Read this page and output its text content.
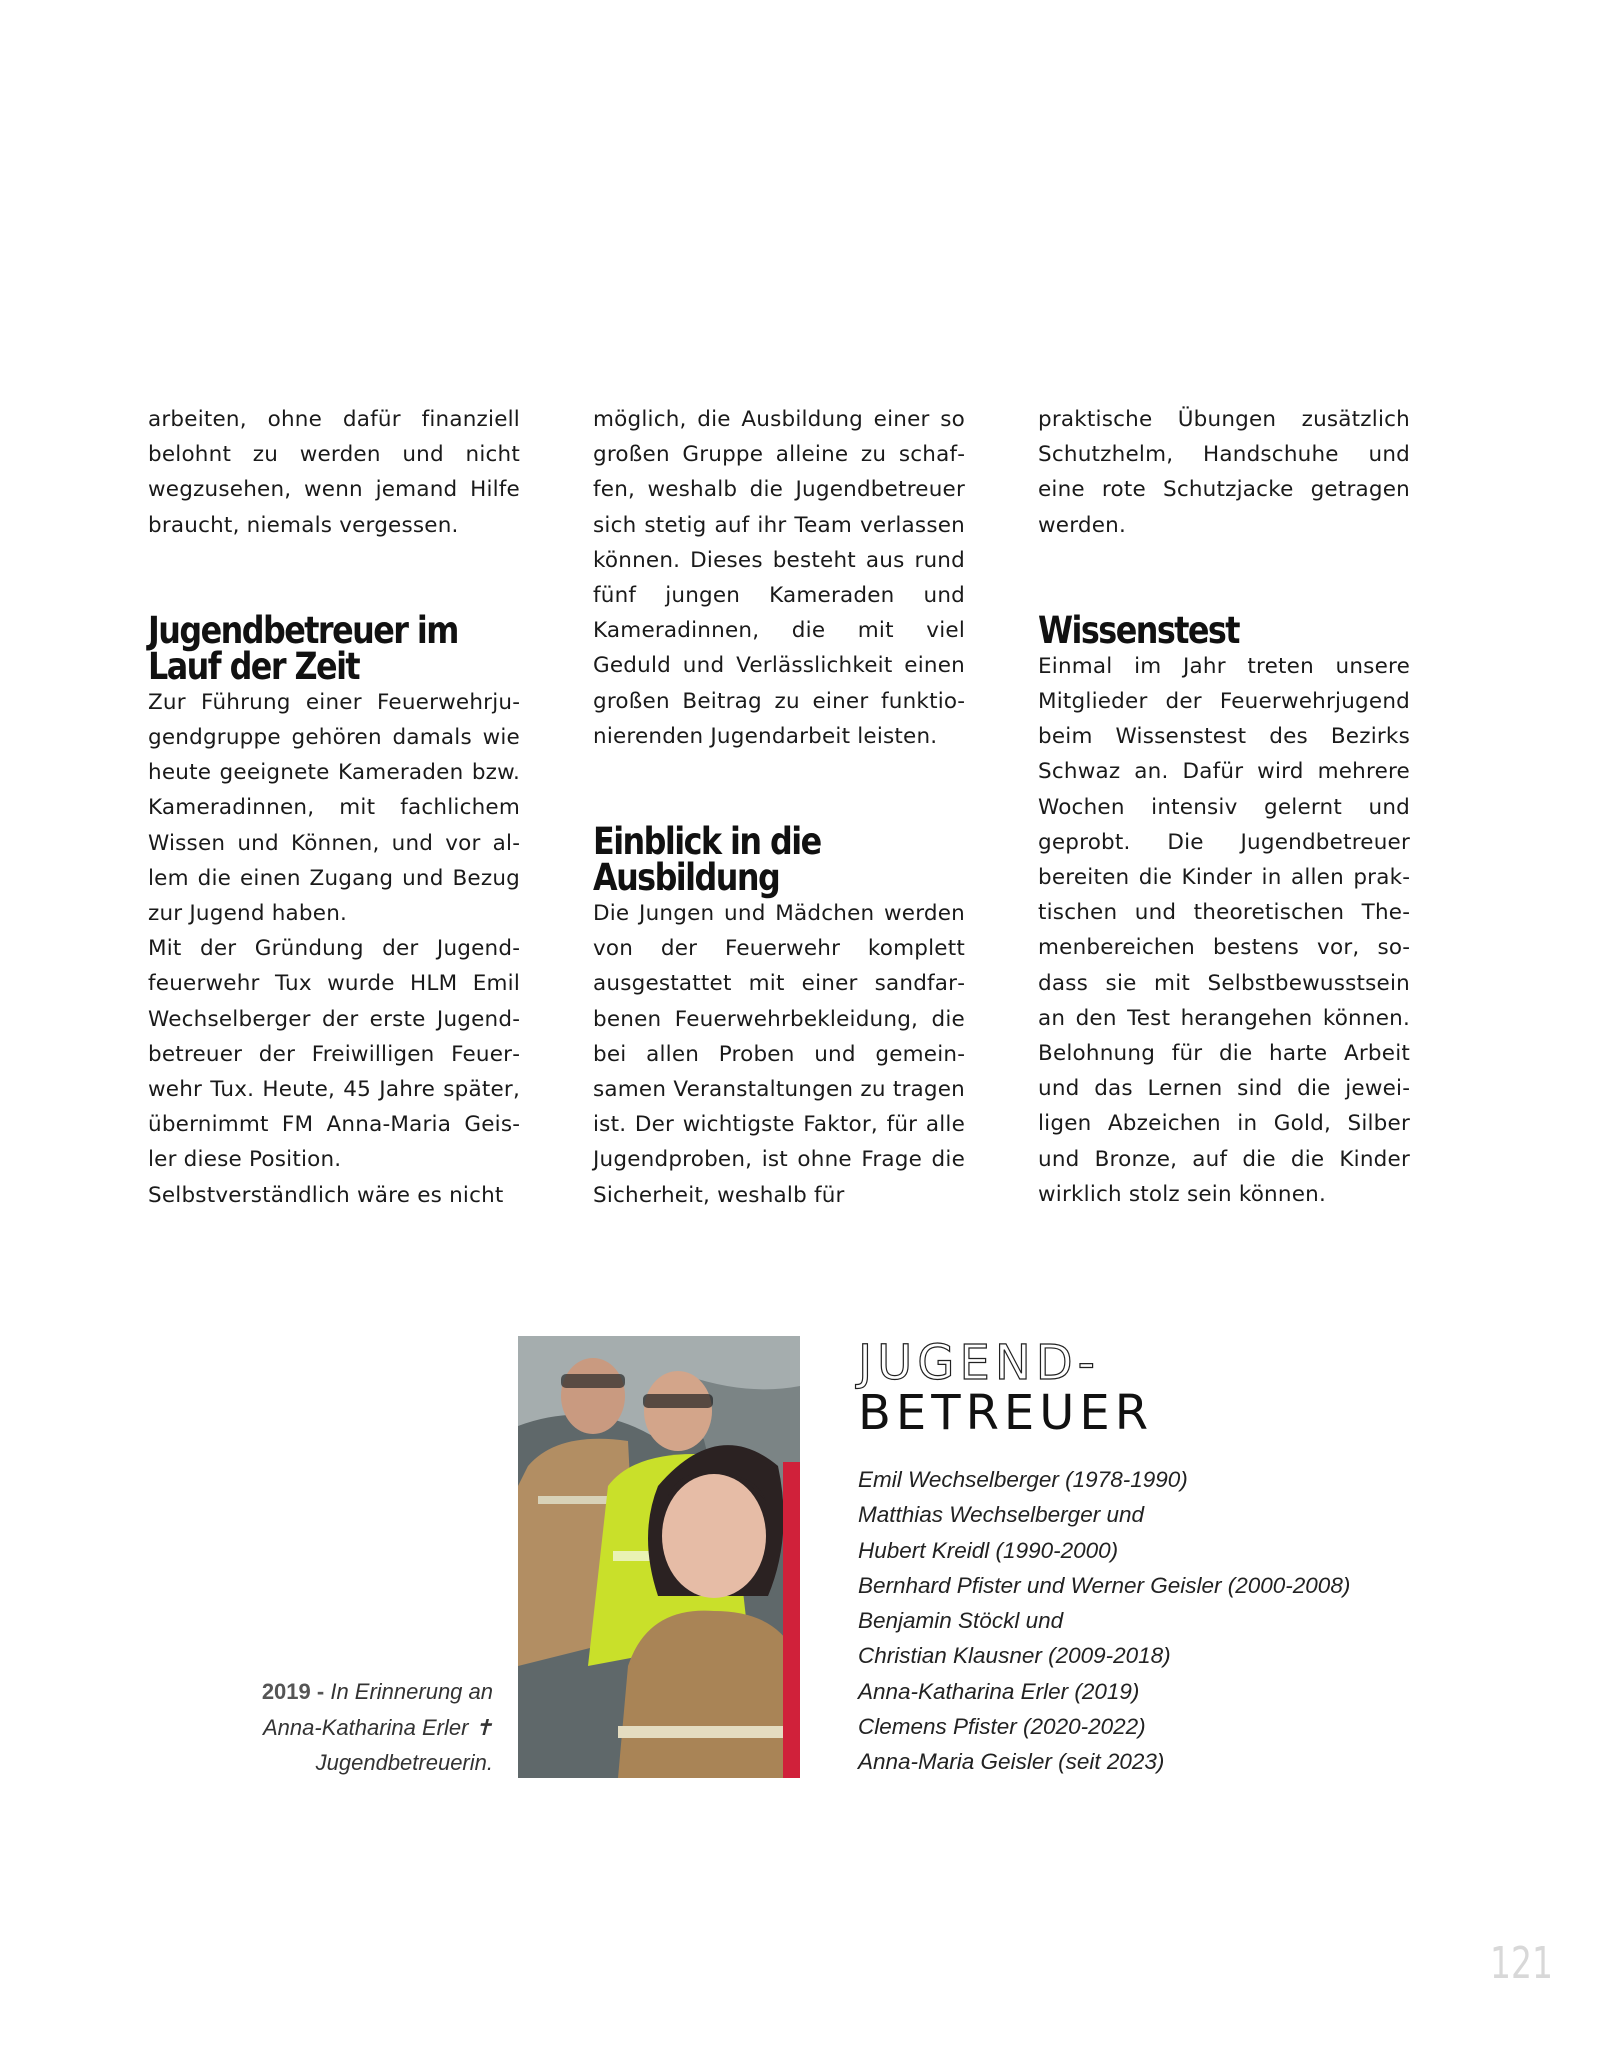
arbeiten, ohne dafür finanziell belohnt zu werden und nicht wegzusehen, wenn jemand Hilfe braucht, niemals vergessen.

Jugendbetreuer im
Lauf der Zeit

Zur Führung einer Feuerwehrjugendgruppe gehören damals wie heute geeignete Kameraden bzw. Kameradinnen, mit fachlichem Wissen und Können, und vor allem die einen Zugang und Bezug zur Jugend haben.

Mit der Gründung der Jugendfeuerwehr Tux wurde HLM Emil Wechselberger der erste Jugendbetreuer der Freiwilligen Feuerwehr Tux. Heute, 45 Jahre später, übernimmt FM Anna-Maria Geisler diese Position.

Selbstverständlich wäre es nicht

möglich, die Ausbildung einer so großen Gruppe alleine zu schaffen, weshalb die Jugendbetreuer sich stetig auf ihr Team verlassen können. Dieses besteht aus rund fünf jungen Kameraden und Kameradinnen, die mit viel Geduld und Verlässlichkeit einen großen Beitrag zu einer funktionierenden Jugendarbeit leisten.

Einblick in die
Ausbildung

Die Jungen und Mädchen werden von der Feuerwehr komplett ausgestattet mit einer sandfarbenen Feuerwehrbekleidung, die bei allen Proben und gemeinsamen Veranstaltungen zu tragen ist. Der wichtigste Faktor, für alle Jugendproben, ist ohne Frage die Sicherheit, weshalb für

praktische Übungen zusätzlich Schutzhelm, Handschuhe und eine rote Schutzjacke getragen werden.

Wissenstest

Einmal im Jahr treten unsere Mitglieder der Feuerwehrjugend beim Wissenstest des Bezirks Schwaz an. Dafür wird mehrere Wochen intensiv gelernt und geprobt. Die Jugendbetreuer bereiten die Kinder in allen praktischen und theoretischen Themenbereichen bestens vor, sodass sie mit Selbstbewusstsein an den Test herangehen können. Belohnung für die harte Arbeit und das Lernen sind die jeweiligen Abzeichen in Gold, Silber und Bronze, auf die die Kinder wirklich stolz sein können.

2019 - In Erinnerung an
Anna-Katharina Erler ✝
Jugendbetreuerin.
JUGEND-
BETREUER
Emil Wechselberger (1978-1990)
Matthias Wechselberger und
Hubert Kreidl (1990-2000)
Bernhard Pfister und Werner Geisler (2000-2008)
Benjamin Stöckl und
Christian Klausner (2009-2018)
Anna-Katharina Erler (2019)
Clemens Pfister (2020-2022)
Anna-Maria Geisler (seit 2023)
121
